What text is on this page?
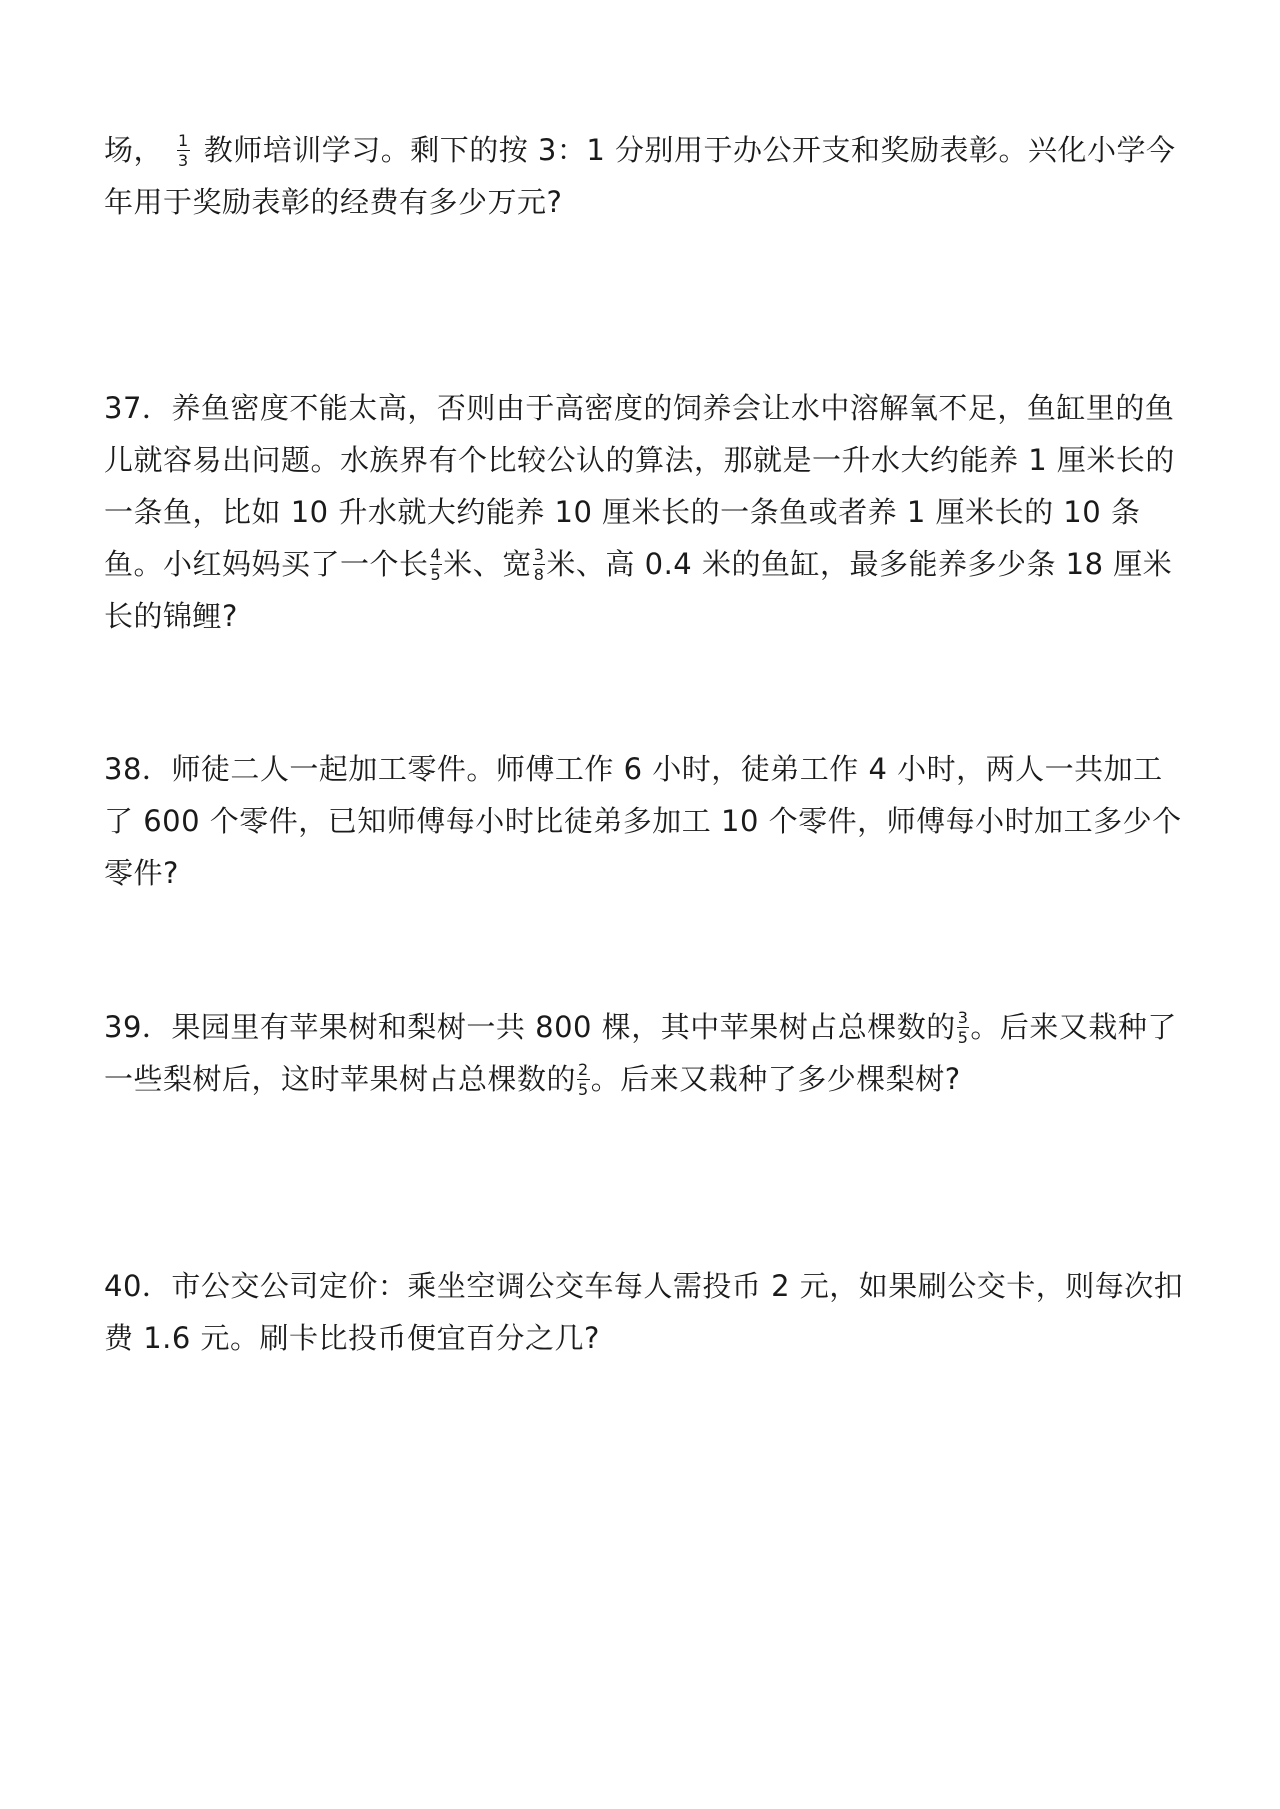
场， $\frac{1}{3}$ 教师培训学习。剩下的按 3：1 分别用于办公开支和奖励表彰。兴化小学今年用于奖励表彰的经费有多少万元?
37．养鱼密度不能太高，否则由于高密度的饲养会让水中溶解氧不足，鱼缸里的鱼儿就容易出问题。水族界有个比较公认的算法，那就是一升水大约能养 1 厘米长的一条鱼，比如 10 升水就大约能养 10 厘米长的一条鱼或者养 1 厘米长的 10 条鱼。小红妈妈买了一个长 $\frac{4}{5}$ 米、宽 $\frac{3}{8}$ 米、高 0.4 米的鱼缸，最多能养多少条 18 厘米长的锦鲤?
38．师徒二人一起加工零件。师傅工作 6 小时，徒弟工作 4 小时，两人一共加工了 600 个零件，已知师傅每小时比徒弟多加工 10 个零件，师傅每小时加工多少个零件?
39．果园里有苹果树和梨树一共 800 棵，其中苹果树占总棵数的 $\frac{3}{5}$ 。后来又栽种了一些梨树后，这时苹果树占总棵数的 $\frac{2}{5}$ 。后来又栽种了多少棵梨树?
40．市公交公司定价：乘坐空调公交车每人需投币 2 元，如果刷公交卡，则每次扣费 1.6 元。刷卡比投币便宜百分之几?
